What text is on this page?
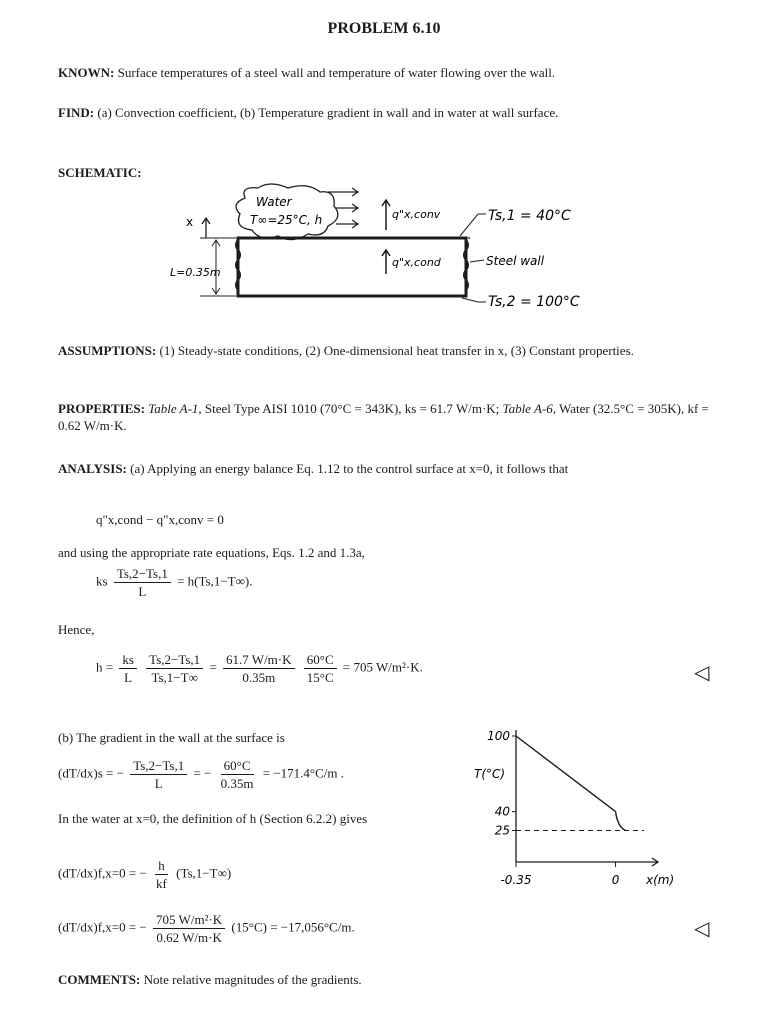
PROBLEM 6.10
KNOWN: Surface temperatures of a steel wall and temperature of water flowing over the wall.
FIND: (a) Convection coefficient, (b) Temperature gradient in wall and in water at wall surface.
SCHEMATIC:
Water
T∞=25°C, h	q"x,conv
q"x,cond
Ts,1 = 40°C
Steel wall
Ts,2 = 100°C
x
L=0.35m
ASSUMPTIONS: (1) Steady-state conditions, (2) One-dimensional heat transfer in x, (3) Constant properties.
PROPERTIES: Table A-1, Steel Type AISI 1010 (70°C = 343K), ks = 61.7 W/m·K; Table A-6, Water (32.5°C = 305K), kf = 0.62 W/m·K.
ANALYSIS: (a) Applying an energy balance Eq. 1.12 to the control surface at x=0, it follows that
q"x,cond − q"x,conv = 0
and using the appropriate rate equations, Eqs. 1.2 and 1.3a,
ks $\frac{Ts,2-Ts,1}{L} = h(Ts,1-T\infty)$.
Hence,
$h = \frac{ks}{L}$
$\frac{Ts,2-Ts,1}{Ts,1-T\infty} = \frac{61.7 W/m\cdot K}{0.35m}$
$\frac{60^\circ C}{15^\circ C} = 705$ W/m²·K.	◁
(b) The gradient in the wall at the surface is
(dT/dx)s = − $\frac{Ts,2-Ts,1}{L}$ = − $\frac{60^\circ C}{0.35m} = -171.4^\circ C/m$ .
In the water at x=0, the definition of h (Section 6.2.2) gives
(dT/dx)f,x=0 = − $\frac{h}{kf} (Ts,1-T\infty)$
(dT/dx)f,x=0 = − $\frac{\text{705 W/m²·K}}{0.62 W/m\cdot K} (15^\circ C) = -17,056^\circ C/m$.	◁
T(°C)
x(m)
100
40
25
-0.35	0
COMMENTS: Note relative magnitudes of the gradients.
